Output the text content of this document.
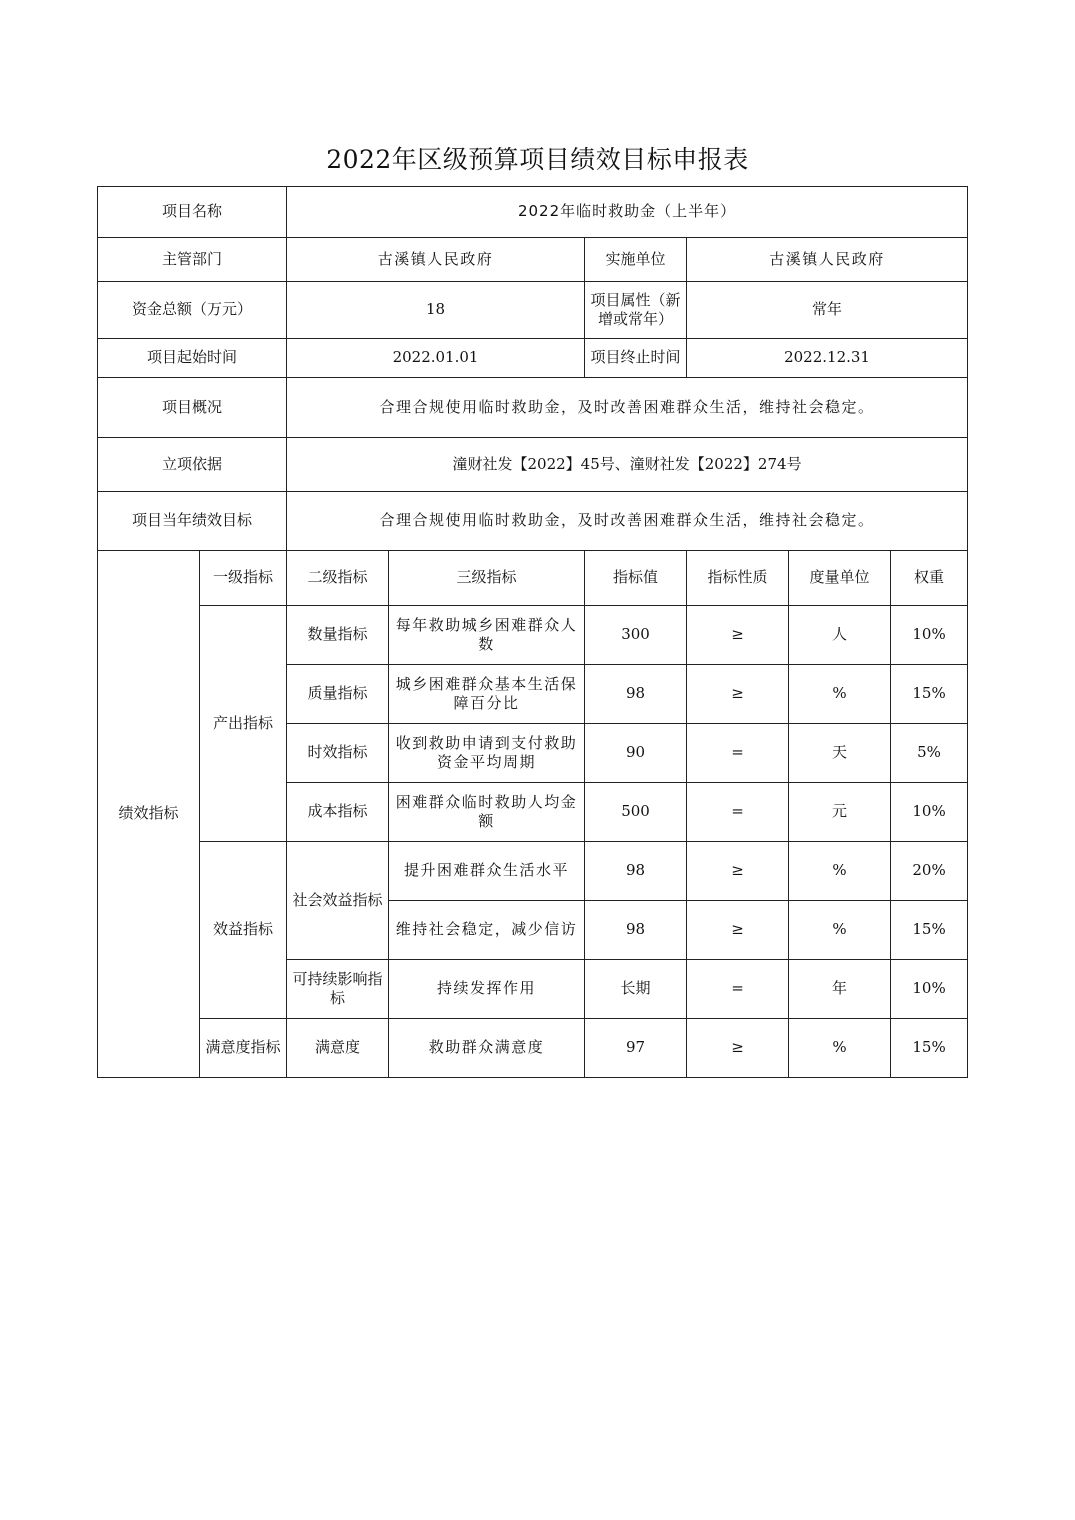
2022年区级预算项目绩效目标申报表
项目名称		2022年临时救助金（上半年）					
主管部门		古溪镇人民政府		实施单位	古溪镇人民政府		
资金总额（万元）		18		项目属性（新增或常年）	常年		
项目起始时间		2022.01.01		项目终止时间	2022.12.31		
项目概况		合理合规使用临时救助金，及时改善困难群众生活，维持社会稳定。					
立项依据		潼财社发【2022】45号、潼财社发【2022】274号					
项目当年绩效目标		合理合规使用临时救助金，及时改善困难群众生活，维持社会稳定。					
绩效指标	一级指标	二级指标	三级指标	指标值	指标性质	度量单位	权重
	产出指标	数量指标	每年救助城乡困难群众人数	300	≥	人	10%
		质量指标	城乡困难群众基本生活保障百分比	98	≥	%	15%
		时效指标	收到救助申请到支付救助资金平均周期	90	=	天	5%
		成本指标	困难群众临时救助人均金额	500	=	元	10%
	效益指标	社会效益指标	提升困难群众生活水平	98	≥	%	20%
			维持社会稳定，减少信访	98	≥	%	15%
		可持续影响指标	持续发挥作用	长期	=	年	10%
	满意度指标	满意度	救助群众满意度	97	≥	%	15%
